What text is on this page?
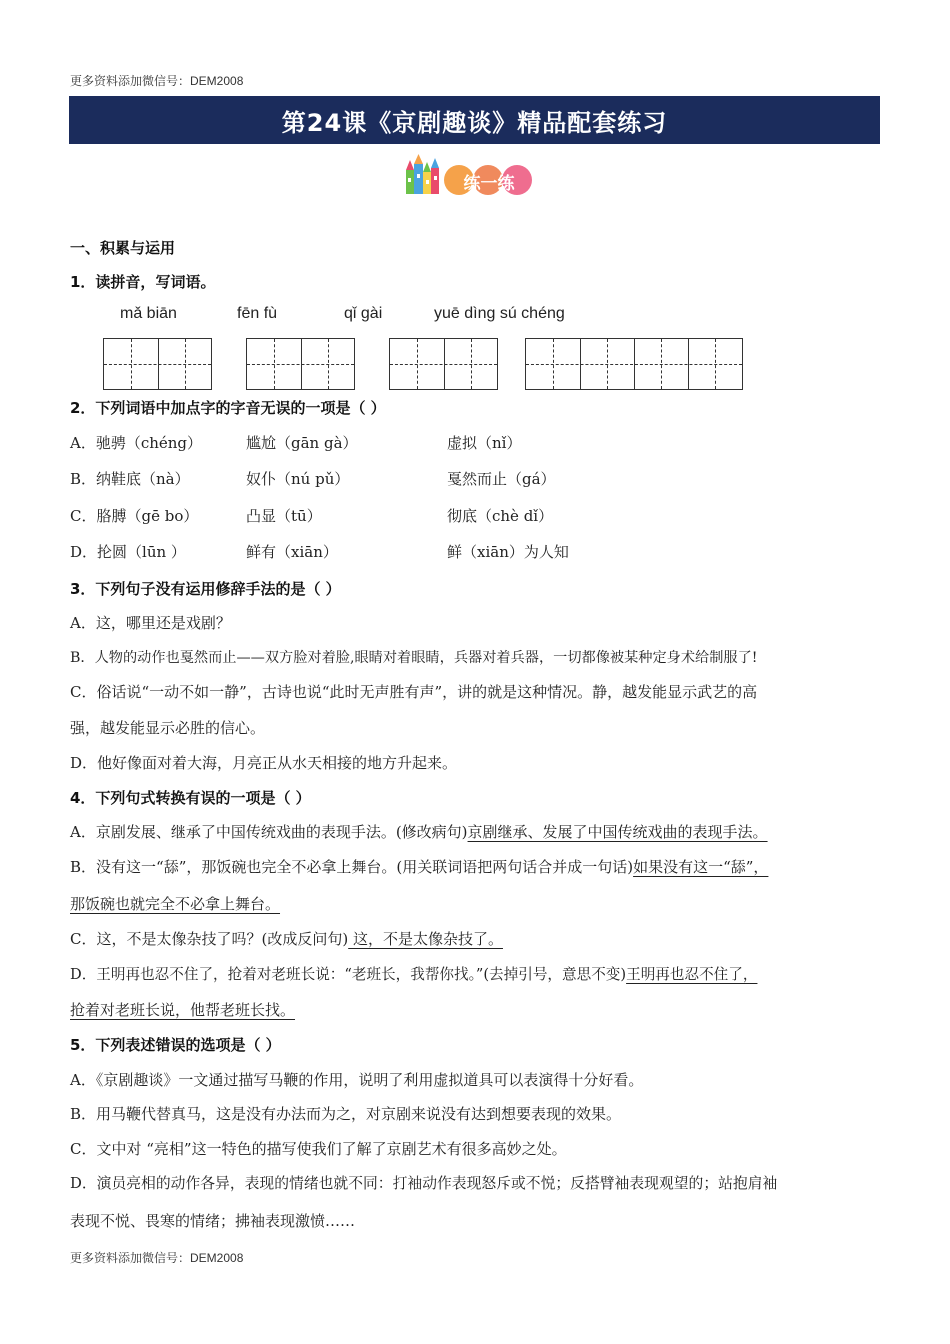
更多资料添加微信号：DEM2008
第24课《京剧趣谈》精品配套练习
练一练
一、积累与运用
1．读拼音，写词语。
mǎ biān	fēn fù	qǐ gài	yuē dìng sú chéng
2．下列词语中加点字的字音无误的一项是（ ）
A．驰骋（chéng）	尴尬（gān gà）	虚拟（nǐ）
B．纳鞋底（nà）	奴仆（nú pǔ）	戛然而止（gá）
C．胳膊（gē bo）	凸显（tū）	彻底（chè dǐ）
D．抡圆（lūn ）	鲜有（xiān）	鲜（xiān）为人知
3．下列句子没有运用修辞手法的是（ ）
A．这，哪里还是戏剧？
B．人物的动作也戛然而止——双方脸对着脸,眼睛对着眼睛，兵器对着兵器，一切都像被某种定身术给制服了!
C．俗话说“一动不如一静”，古诗也说“此时无声胜有声”，讲的就是这种情况。静，越发能显示武艺的高
强，越发能显示必胜的信心。
D．他好像面对着大海，月亮正从水天相接的地方升起来。
4．下列句式转换有误的一项是（ ）
A．京剧发展、继承了中国传统戏曲的表现手法。(修改病句)京剧继承、发展了中国传统戏曲的表现手法。
B．没有这一“舔”，那饭碗也完全不必拿上舞台。(用关联词语把两句话合并成一句话)如果没有这一“舔”，
那饭碗也就完全不必拿上舞台。
C．这，不是太像杂技了吗？(改成反问句) 这，不是太像杂技了。
D．王明再也忍不住了，抢着对老班长说：“老班长，我帮你找。”(去掉引号，意思不变)王明再也忍不住了，
抢着对老班长说，他帮老班长找。
5．下列表述错误的选项是（ ）
A．《京剧趣谈》一文通过描写马鞭的作用，说明了利用虚拟道具可以表演得十分好看。
B．用马鞭代替真马，这是没有办法而为之，对京剧来说没有达到想要表现的效果。
C．文中对 “亮相”这一特色的描写使我们了解了京剧艺术有很多高妙之处。
D．演员亮相的动作各异，表现的情绪也就不同：打袖动作表现怒斥或不悦；反搭臂袖表现观望的；站抱肩袖
表现不悦、畏寒的情绪；拂袖表现激愤……
更多资料添加微信号：DEM2008
